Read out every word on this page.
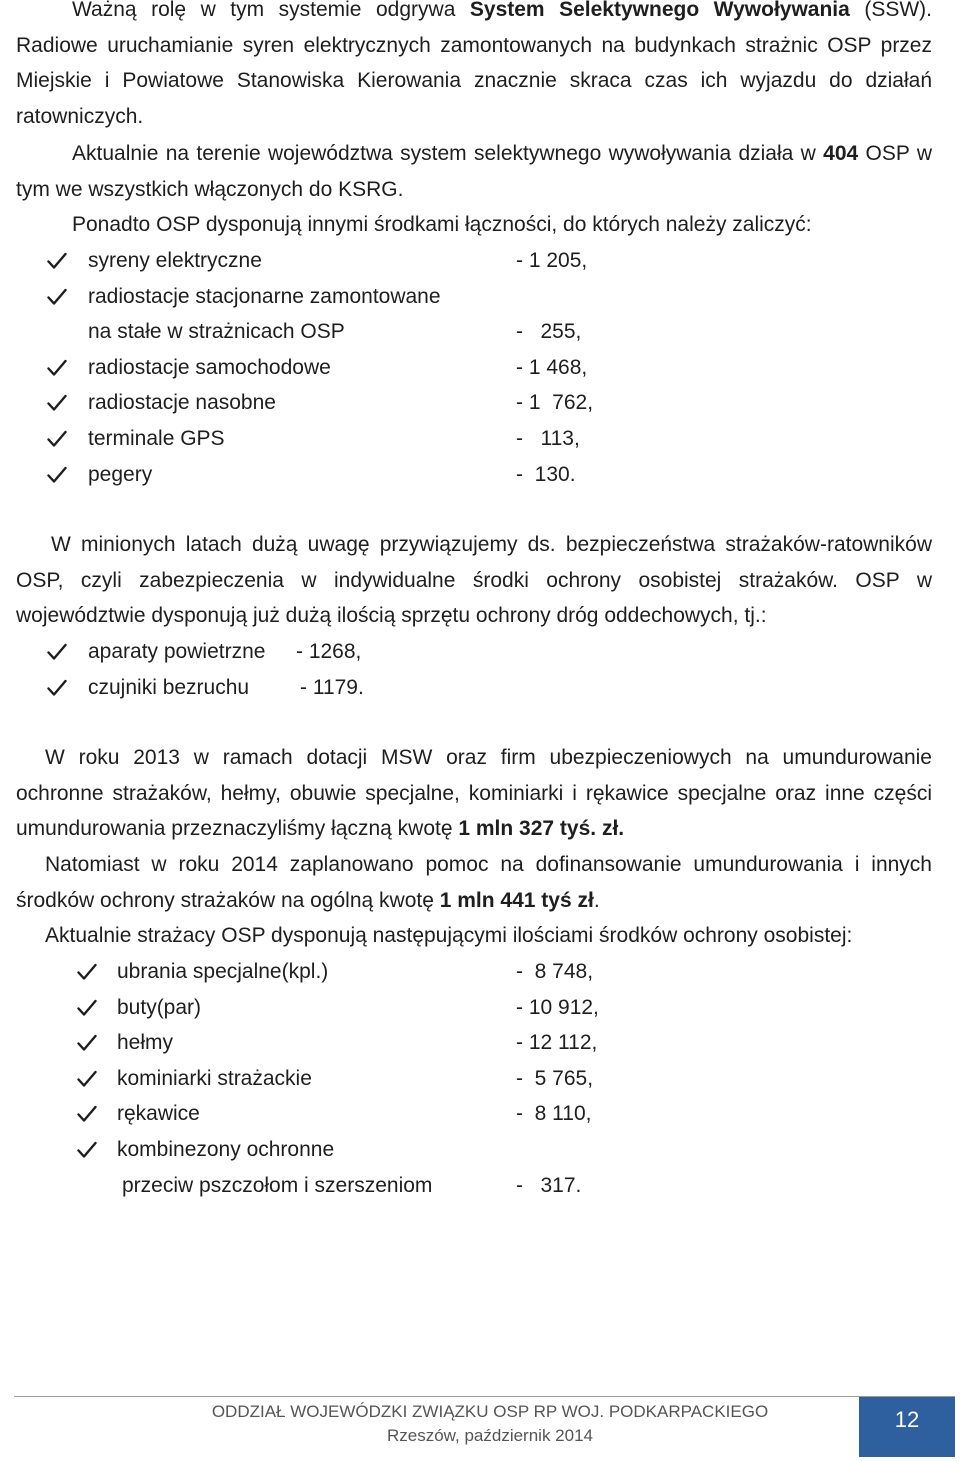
Ważną rolę w tym systemie odgrywa System Selektywnego Wywoływania (SSW). Radiowe uruchamianie syren elektrycznych zamontowanych na budynkach strażnic OSP przez Miejskie i Powiatowe Stanowiska Kierowania znacznie skraca czas ich wyjazdu do działań ratowniczych.

Aktualnie na terenie województwa system selektywnego wywoływania działa w 404 OSP w tym we wszystkich włączonych do KSRG.

Ponadto OSP dysponują innymi środkami łączności, do których należy zaliczyć:

syreny elektryczne	- 1 205,
radiostacje stacjonarne zamontowane
na stałe w strażnicach OSP	-   255,
radiostacje samochodowe	- 1 468,
radiostacje nasobne	- 1  762,
terminale GPS	-   113,
pegery	-  130.

W minionych latach dużą uwagę przywiązujemy ds. bezpieczeństwa strażaków-ratowników OSP, czyli zabezpieczenia w indywidualne środki ochrony osobistej strażaków. OSP w województwie dysponują już dużą ilością sprzętu ochrony dróg oddechowych, tj.:

aparaty powietrzne - 1268,
czujniki bezruchu - 1179.

W roku 2013 w ramach dotacji MSW oraz firm ubezpieczeniowych na umundurowanie ochronne strażaków, hełmy, obuwie specjalne, kominiarki i rękawice specjalne oraz inne części umundurowania przeznaczyliśmy łączną kwotę 1 mln 327 tyś. zł.

Natomiast w roku 2014 zaplanowano pomoc na dofinansowanie umundurowania i innych środków ochrony strażaków na ogólną kwotę 1 mln 441 tyś zł.

Aktualnie strażacy OSP dysponują następującymi ilościami środków ochrony osobistej:

ubrania specjalne(kpl.)	-  8 748,
buty(par)	- 10 912,
hełmy	- 12 112,
kominiarki strażackie	-  5 765,
rękawice	-  8 110,
kombinezony ochronne
przeciw pszczołom i szerszeniom	-   317.
ODDZIAŁ WOJEWÓDZKI ZWIĄZKU OSP RP WOJ. PODKARPACKIEGO
Rzeszów, październik 2014
12
